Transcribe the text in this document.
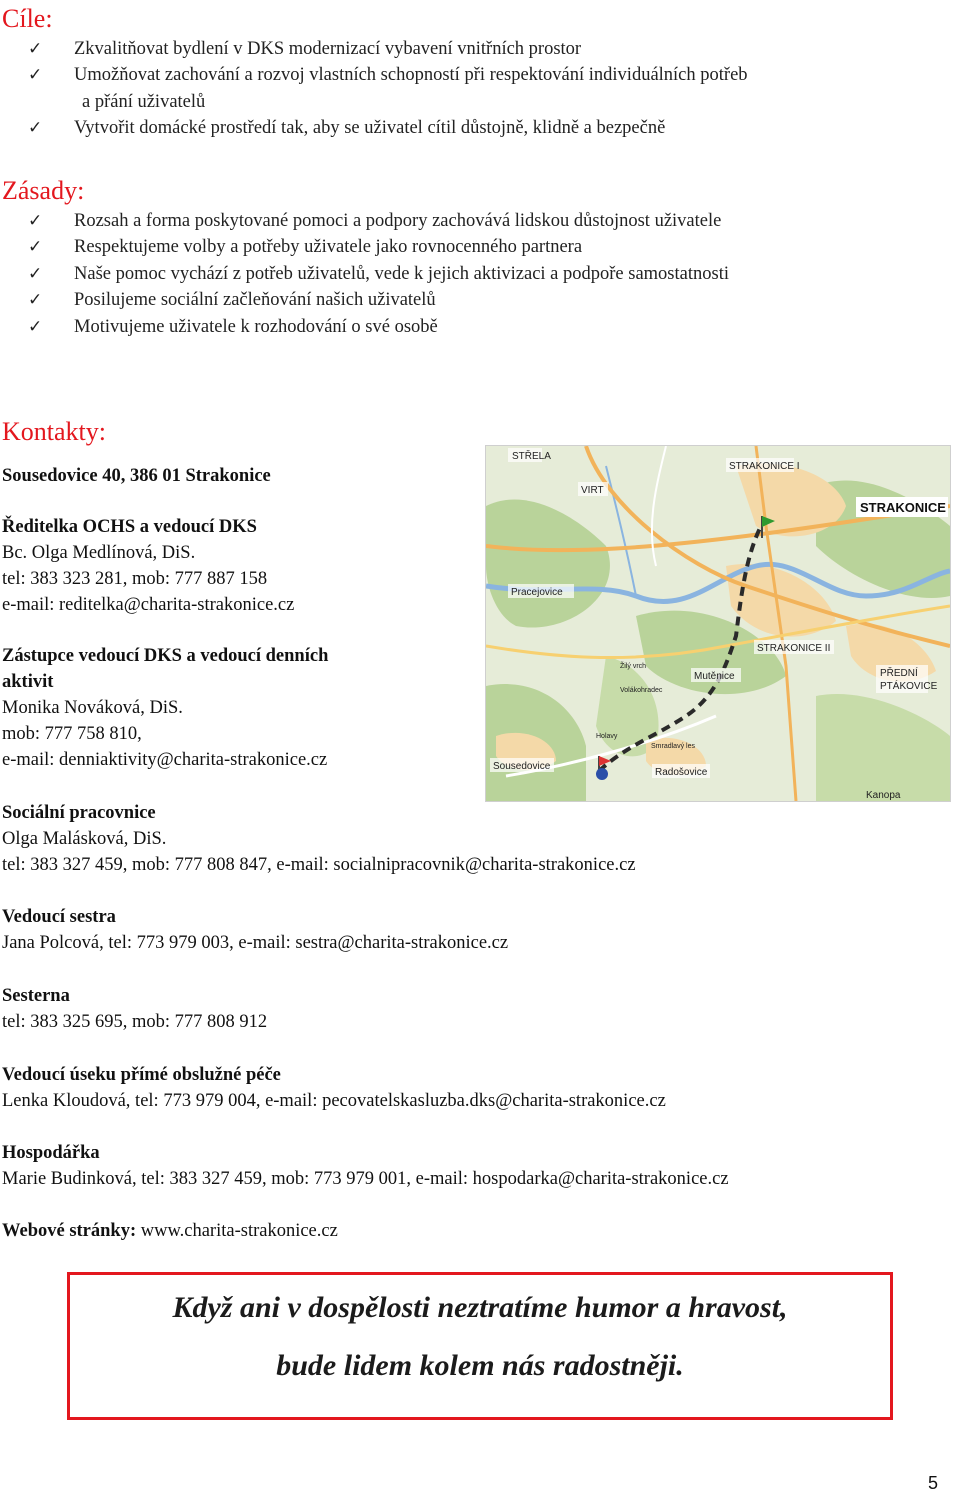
Cíle:
✓ Zkvalitňovat bydlení v DKS modernizací vybavení vnitřních prostor
✓ Umožňovat zachování a rozvoj vlastních schopností při respektování individuálních potřeb
a přání uživatelů
✓ Vytvořit domácké prostředí tak, aby se uživatel cítil důstojně, klidně a bezpečně
Zásady:
✓ Rozsah a forma poskytované pomoci a podpory zachovává lidskou důstojnost uživatele
✓ Respektujeme volby a potřeby uživatele jako rovnocenného partnera
✓ Naše pomoc vychází z potřeb uživatelů, vede k jejich aktivizaci a podpoře samostatnosti
✓ Posilujeme sociální začleňování našich uživatelů
✓ Motivujeme uživatele k rozhodování o své osobě
Kontakty:
Sousedovice 40, 386 01 Strakonice
Ředitelka OCHS a vedoucí DKS
Bc. Olga Medlínová, DiS.
tel: 383 323 281, mob: 777 887 158
e-mail: reditelka@charita-strakonice.cz
Zástupce vedoucí DKS a vedoucí denních
aktivit
Monika Nováková, DiS.
mob: 777 758 810,
e-mail: denniaktivity@charita-strakonice.cz
STŘELA
VIRT
STRAKONICE I
STRAKONICE
Pracejovice
STRAKONICE II
Mutěnice	PŘEDNÍ
PTÁKOVICE
Sousedovice
Radošovice
Kanopa
Žilý vrch
Volákohradec
Smradlavý les
Holavy
Sociální pracovnice
Olga Malásková, DiS.
tel: 383 327 459, mob: 777 808 847, e-mail: socialnipracovnik@charita-strakonice.cz
Vedoucí sestra
Jana Polcová, tel: 773 979 003, e-mail: sestra@charita-strakonice.cz
Sesterna
tel: 383 325 695, mob: 777 808 912
Vedoucí úseku přímé obslužné péče
Lenka Kloudová, tel: 773 979 004, e-mail: pecovatelskasluzba.dks@charita-strakonice.cz
Hospodářka
Marie Budinková, tel: 383 327 459, mob: 773 979 001, e-mail: hospodarka@charita-strakonice.cz
Webové stránky: www.charita-strakonice.cz
Když ani v dospělosti neztratíme humor a hravost,
bude lidem kolem nás radostněji.
5
